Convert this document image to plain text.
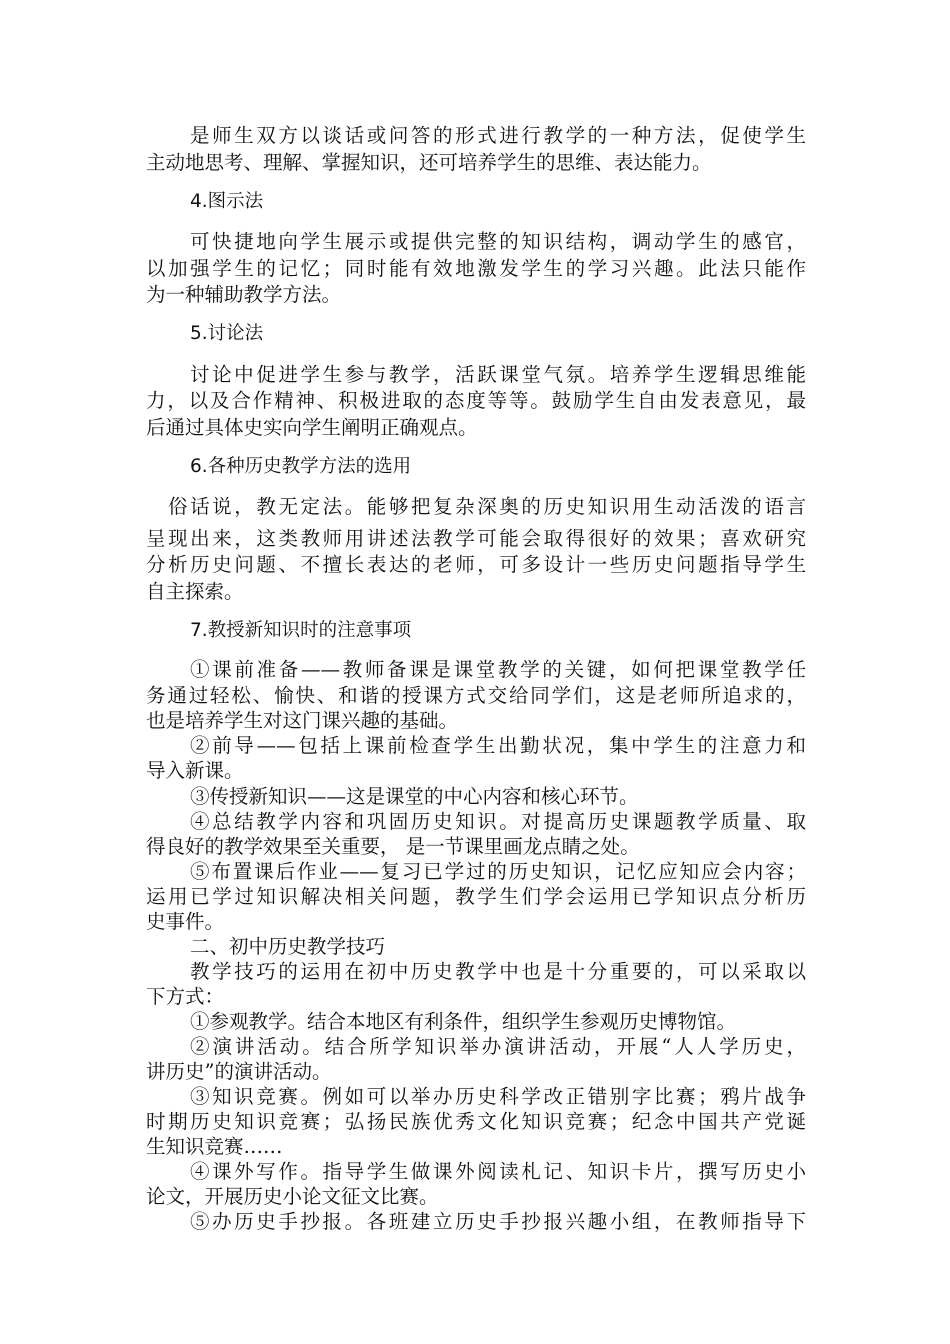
是师生双方以谈话或问答的形式进行教学的一种方法，促使学生
主动地思考、理解、掌握知识，还可培养学生的思维、表达能力。
4.图示法
可快捷地向学生展示或提供完整的知识结构，调动学生的感官，
以加强学生的记忆；同时能有效地激发学生的学习兴趣。此法只能作
为一种辅助教学方法。
5.讨论法
讨论中促进学生参与教学，活跃课堂气氛。培养学生逻辑思维能
力，以及合作精神、积极进取的态度等等。鼓励学生自由发表意见，最
后通过具体史实向学生阐明正确观点。
6.各种历史教学方法的选用
俗话说，教无定法。能够把复杂深奥的历史知识用生动活泼的语言
呈现出来，这类教师用讲述法教学可能会取得很好的效果；喜欢研究
分析历史问题、不擅长表达的老师，可多设计一些历史问题指导学生
自主探索。
7.教授新知识时的注意事项
①课前准备——教师备课是课堂教学的关键，如何把课堂教学任
务通过轻松、愉快、和谐的授课方式交给同学们，这是老师所追求的，
也是培养学生对这门课兴趣的基础。
②前导——包括上课前检查学生出勤状况，集中学生的注意力和
导入新课。
③传授新知识——这是课堂的中心内容和核心环节。
④总结教学内容和巩固历史知识。对提高历史课题教学质量、取
得良好的教学效果至关重要， 是一节课里画龙点睛之处。
⑤布置课后作业——复习已学过的历史知识，记忆应知应会内容；
运用已学过知识解决相关问题，教学生们学会运用已学知识点分析历
史事件。
二、初中历史教学技巧
教学技巧的运用在初中历史教学中也是十分重要的，可以采取以
下方式：
①参观教学。结合本地区有利条件，组织学生参观历史博物馆。
②演讲活动。结合所学知识举办演讲活动，开展“人人学历史，
讲历史”的演讲活动。
③知识竞赛。例如可以举办历史科学改正错别字比赛；鸦片战争
时期历史知识竞赛；弘扬民族优秀文化知识竞赛；纪念中国共产党诞
生知识竞赛……
④课外写作。指导学生做课外阅读札记、知识卡片，撰写历史小
论文，开展历史小论文征文比赛。
⑤办历史手抄报。各班建立历史手抄报兴趣小组，在教师指导下
